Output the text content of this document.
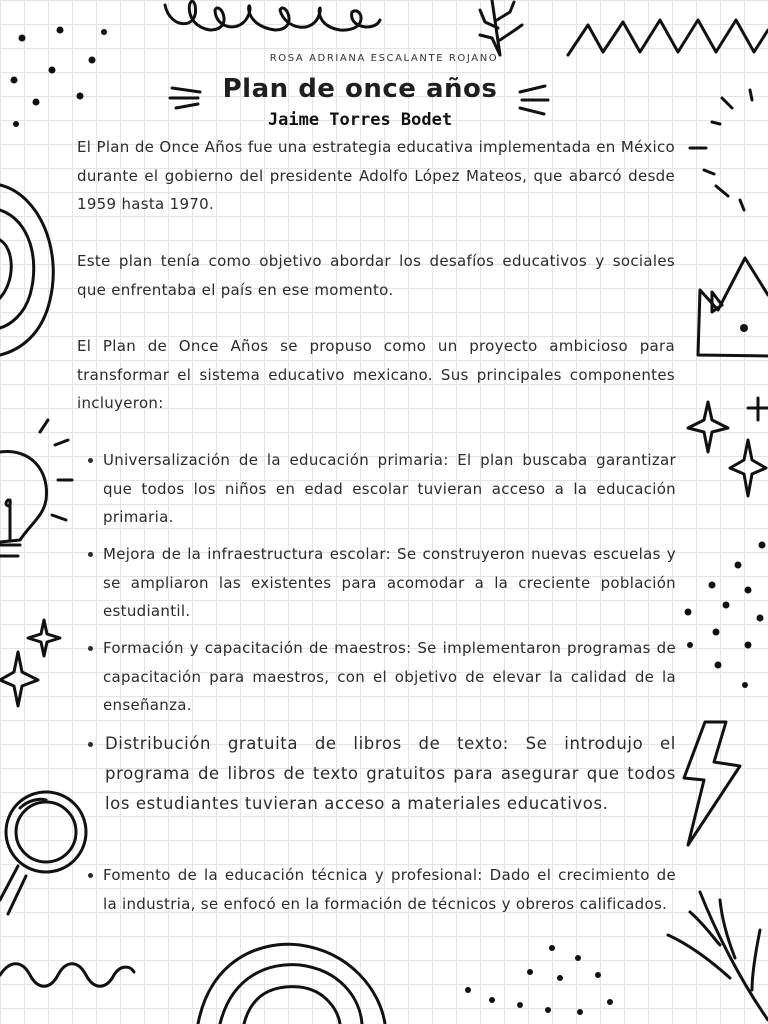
ROSA ADRIANA ESCALANTE ROJANO
Plan de once años
Jaime Torres Bodet

El Plan de Once Años fue una estrategia educativa implementada en México durante el gobierno del presidente Adolfo López Mateos, que abarcó desde 1959 hasta 1970.

Este plan tenía como objetivo abordar los desafíos educativos y sociales que enfrentaba el país en ese momento.

El Plan de Once Años se propuso como un proyecto ambicioso para transformar el sistema educativo mexicano. Sus principales componentes incluyeron:

Universalización de la educación primaria: El plan buscaba garantizar que todos los niños en edad escolar tuvieran acceso a la educación primaria.
Mejora de la infraestructura escolar: Se construyeron nuevas escuelas y se ampliaron las existentes para acomodar a la creciente población estudiantil.
Formación y capacitación de maestros: Se implementaron programas de capacitación para maestros, con el objetivo de elevar la calidad de la enseñanza.
Distribución gratuita de libros de texto: Se introdujo el programa de libros de texto gratuitos para asegurar que todos los estudiantes tuvieran acceso a materiales educativos.
Fomento de la educación técnica y profesional: Dado el crecimiento de la industria, se enfocó en la formación de técnicos y obreros calificados.
